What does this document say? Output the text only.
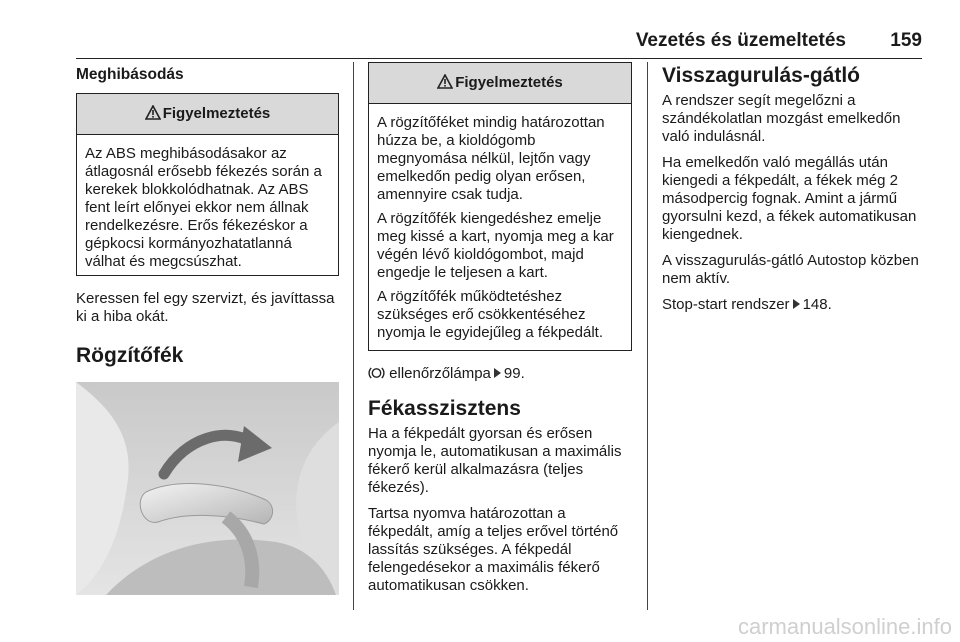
Vezetés és üzemeltetés 159
Meghibásodás
Figyelmeztetés

Az ABS meghibásodásakor az átlagosnál erősebb fékezés során a kerekek blokkolódhatnak. Az ABS fent leírt előnyei ekkor nem állnak rendelkezésre. Erős fékezéskor a gépkocsi kormányozhatatlanná válhat és megcsúszhat.

Keressen fel egy szervizt, és javíttassa ki a hiba okát.

Rögzítőfék
Figyelmeztetés

A rögzítőféket mindig határozottan húzza be, a kioldógomb megnyomása nélkül, lejtőn vagy emelkedőn pedig olyan erősen, amennyire csak tudja.

A rögzítőfék kiengedéshez emelje meg kissé a kart, nyomja meg a kar végén lévő kioldógombot, majd engedje le teljesen a kart.

A rögzítőfék működtetéshez szükséges erő csökkentéséhez nyomja le egyidejűleg a fékpedált.

ellenőrzőlámpa 99.

Fékasszisztens

Ha a fékpedált gyorsan és erősen nyomja le, automatikusan a maximális fékerő kerül alkalmazásra (teljes fékezés).

Tartsa nyomva határozottan a fékpedált, amíg a teljes erővel történő lassítás szükséges. A fékpedál felengedésekor a maximális fékerő automatikusan csökken.

Visszagurulás-gátló

A rendszer segít megelőzni a szándékolatlan mozgást emelkedőn való indulásnál.

Ha emelkedőn való megállás után kiengedi a fékpedált, a fékek még 2 másodpercig fognak. Amint a jármű gyorsulni kezd, a fékek automatikusan kiengednek.

A visszagurulás-gátló Autostop közben nem aktív.

Stop-start rendszer 148.

carmanualsonline.info
